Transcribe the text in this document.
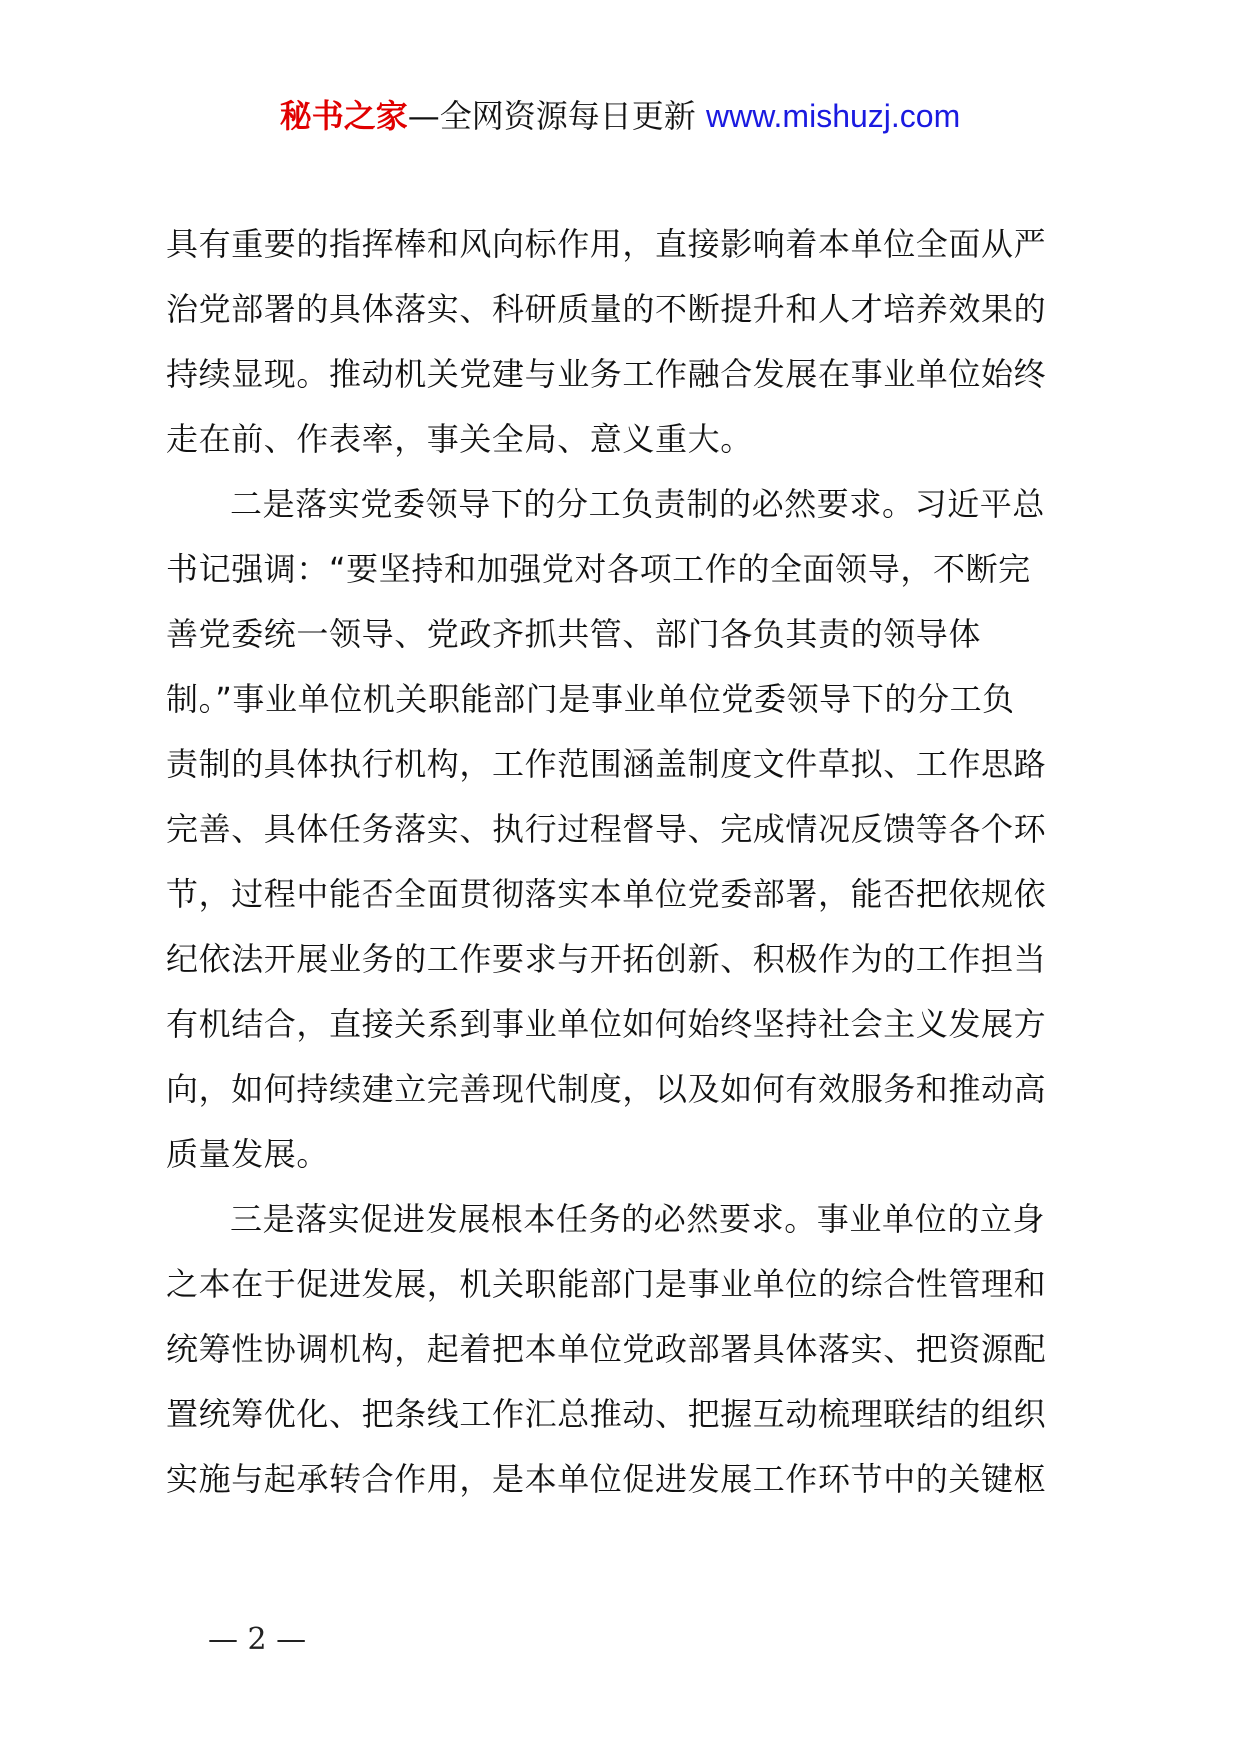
秘书之家—全网资源每日更新 www.mishuzj.com
具有重要的指挥棒和风向标作用，直接影响着本单位全面从严
治党部署的具体落实、科研质量的不断提升和人才培养效果的
持续显现。推动机关党建与业务工作融合发展在事业单位始终
走在前、作表率，事关全局、意义重大。
二是落实党委领导下的分工负责制的必然要求。习近平总
书记强调：“要坚持和加强党对各项工作的全面领导，不断完
善党委统一领导、党政齐抓共管、部门各负其责的领导体
制。”事业单位机关职能部门是事业单位党委领导下的分工负
责制的具体执行机构，工作范围涵盖制度文件草拟、工作思路
完善、具体任务落实、执行过程督导、完成情况反馈等各个环
节，过程中能否全面贯彻落实本单位党委部署，能否把依规依
纪依法开展业务的工作要求与开拓创新、积极作为的工作担当
有机结合，直接关系到事业单位如何始终坚持社会主义发展方
向，如何持续建立完善现代制度，以及如何有效服务和推动高
质量发展。
三是落实促进发展根本任务的必然要求。事业单位的立身
之本在于促进发展，机关职能部门是事业单位的综合性管理和
统筹性协调机构，起着把本单位党政部署具体落实、把资源配
置统筹优化、把条线工作汇总推动、把握互动梳理联结的组织
实施与起承转合作用，是本单位促进发展工作环节中的关键枢
— 2 —
